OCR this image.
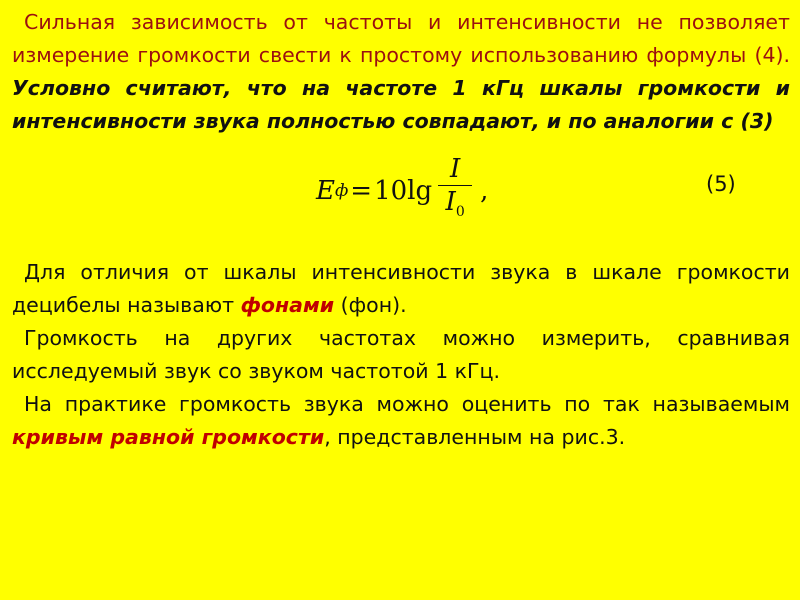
Сильная зависимость от частоты и интенсивности не позволяет измерение громкости свести к простому использованию формулы (4). Условно считают, что на частоте 1 кГц шкалы громкости и интенсивности звука полностью совпадают, и по аналогии с (3)

E $ф = 10\lg \frac{I}{I_0}$ ,	(5)

Для отличия от шкалы интенсивности звука в шкале громкости децибелы называют фонами (фон).

Громкость на других частотах можно измерить, сравнивая исследуемый звук со звуком частотой 1 кГц.

На практике громкость звука можно оценить по так называемым кривым равной громкости, представленным на рис.3.
